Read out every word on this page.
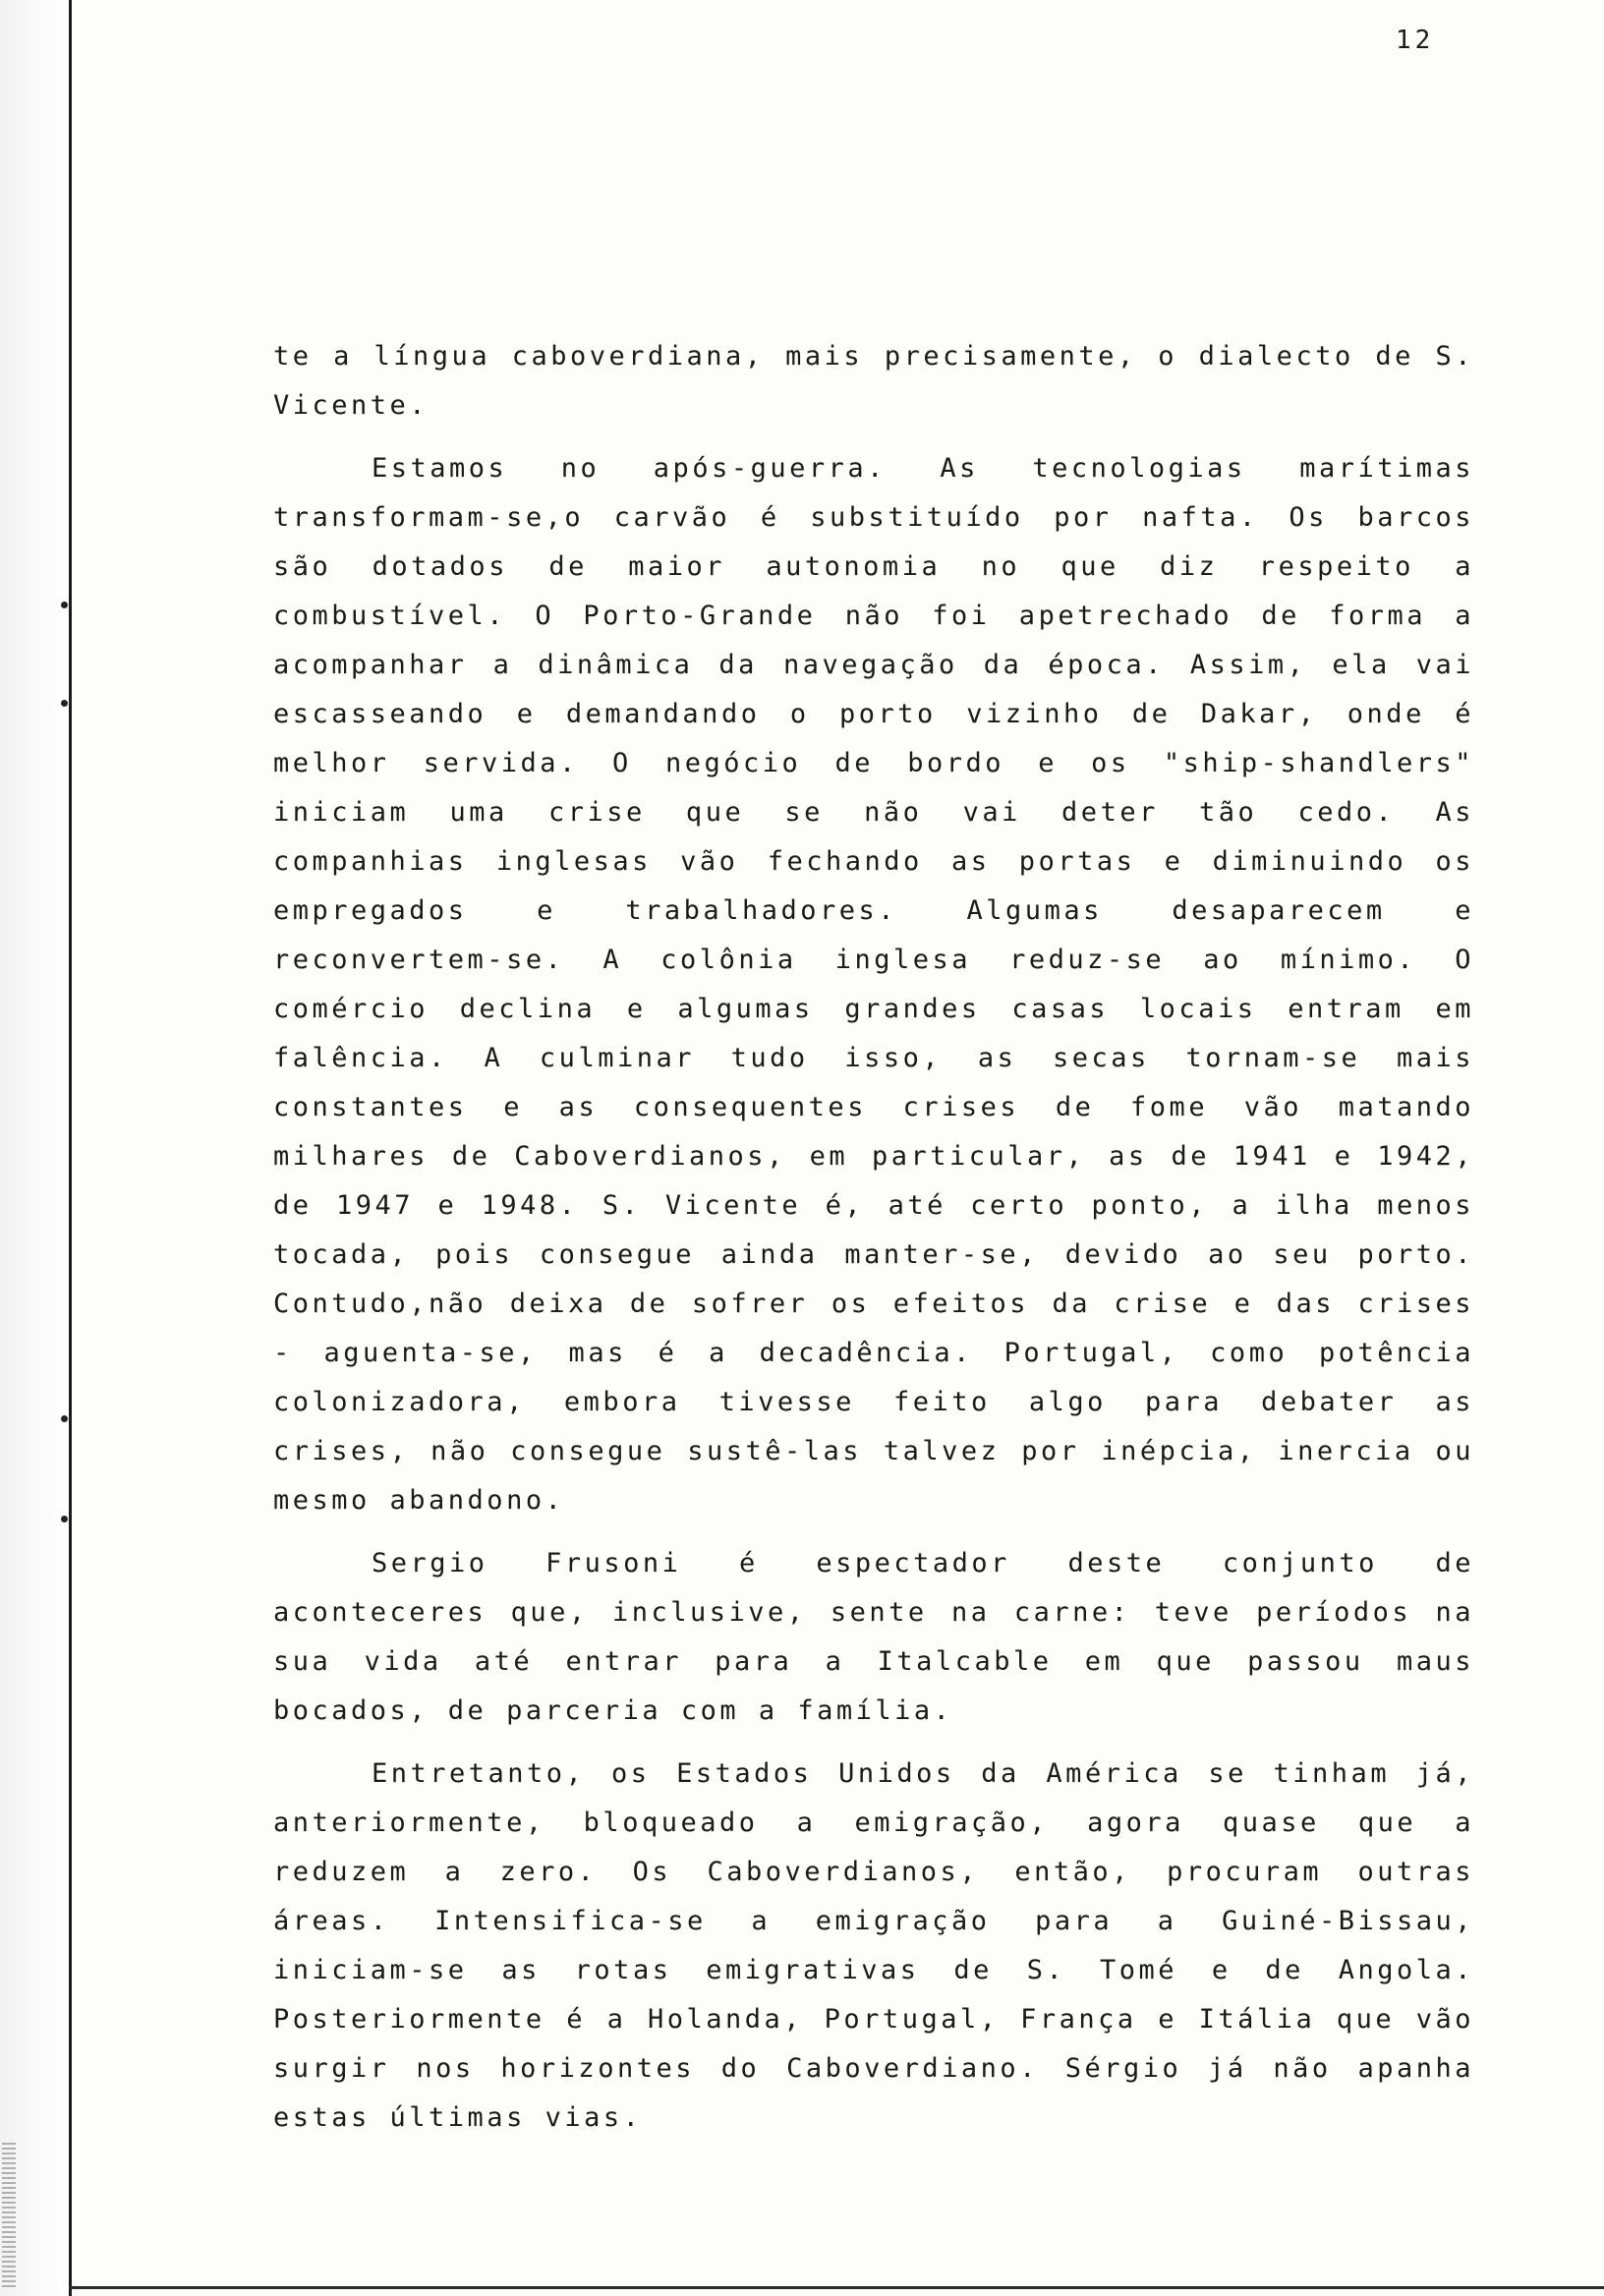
12

te a língua caboverdiana, mais precisamente, o dialecto de S. Vicente.

Estamos no após-guerra. As tecnologias marítimas transformam-se,o carvão é substituído por nafta. Os barcos são dotados de maior autonomia no que diz respeito a combustível. O Porto-Grande não foi apetrechado de forma a acompanhar a dinâmica da navegação da época. Assim, ela vai escasseando e demandando o porto vizinho de Dakar, onde é melhor servida. O negócio de bordo e os "ship-shandlers" iniciam uma crise que se não vai deter tão cedo. As companhias inglesas vão fechando as portas e diminuindo os empregados e trabalhadores. Algumas desaparecem e reconvertem-se. A colônia inglesa reduz-se ao mínimo. O comércio declina e algumas grandes casas locais entram em falência. A culminar tudo isso, as secas tornam-se mais constantes e as consequentes crises de fome vão matando milhares de Caboverdianos, em particular, as de 1941 e 1942, de 1947 e 1948. S. Vicente é, até certo ponto, a ilha menos tocada, pois consegue ainda manter-se, devido ao seu porto. Contudo,não deixa de sofrer os efeitos da crise e das crises - aguenta-se, mas é a decadência. Portugal, como potência colonizadora, embora tivesse feito algo para debater as crises, não consegue sustê-las talvez por inépcia, inercia ou mesmo abandono.

Sergio Frusoni é espectador deste conjunto de aconteceres que, inclusive, sente na carne: teve períodos na sua vida até entrar para a Italcable em que passou maus bocados, de parceria com a família.

Entretanto, os Estados Unidos da América se tinham já, anteriormente, bloqueado a emigração, agora quase que a reduzem a zero. Os Caboverdianos, então, procuram outras áreas. Intensifica-se a emigração para a Guiné-Bissau, iniciam-se as rotas emigrativas de S. Tomé e de Angola. Posteriormente é a Holanda, Portugal, França e Itália que vão surgir nos horizontes do Caboverdiano. Sérgio já não apanha estas últimas vias.
